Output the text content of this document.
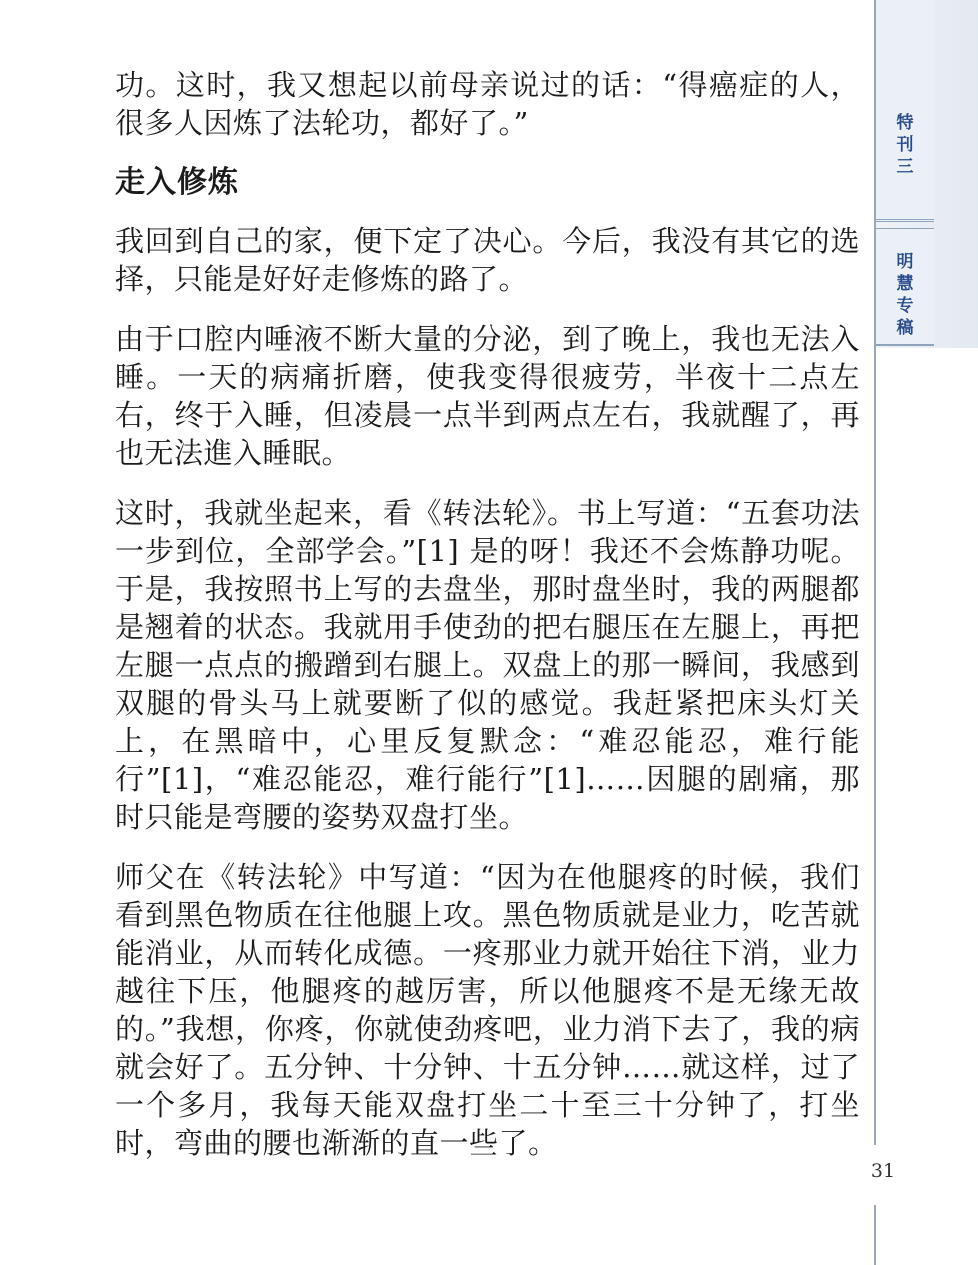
特
刊
三
明
慧
专
稿

功。这时，我又想起以前母亲说过的话：“得癌症的人，很多人因炼了法轮功，都好了。”

走入修炼

我回到自己的家，便下定了决心。今后，我没有其它的选择，只能是好好走修炼的路了。

由于口腔内唾液不断大量的分泌，到了晚上，我也无法入睡。一天的病痛折磨，使我变得很疲劳，半夜十二点左右，终于入睡，但凌晨一点半到两点左右，我就醒了，再也无法進入睡眠。

这时，我就坐起来，看《转法轮》。书上写道：“五套功法一步到位，全部学会。”[1] 是的呀！我还不会炼静功呢。于是，我按照书上写的去盘坐，那时盘坐时，我的两腿都是翘着的状态。我就用手使劲的把右腿压在左腿上，再把左腿一点点的搬蹭到右腿上。双盘上的那一瞬间，我感到双腿的骨头马上就要断了似的感觉。我赶紧把床头灯关上，在黑暗中，心里反复默念：“难忍能忍，难行能行”[1]，“难忍能忍，难行能行”[1]……因腿的剧痛，那时只能是弯腰的姿势双盘打坐。

师父在《转法轮》中写道：“因为在他腿疼的时候，我们看到黑色物质在往他腿上攻。黑色物质就是业力，吃苦就能消业，从而转化成德。一疼那业力就开始往下消，业力越往下压，他腿疼的越厉害，所以他腿疼不是无缘无故的。”我想，你疼，你就使劲疼吧，业力消下去了，我的病就会好了。五分钟、十分钟、十五分钟……就这样，过了一个多月，我每天能双盘打坐二十至三十分钟了，打坐时，弯曲的腰也渐渐的直一些了。

31
